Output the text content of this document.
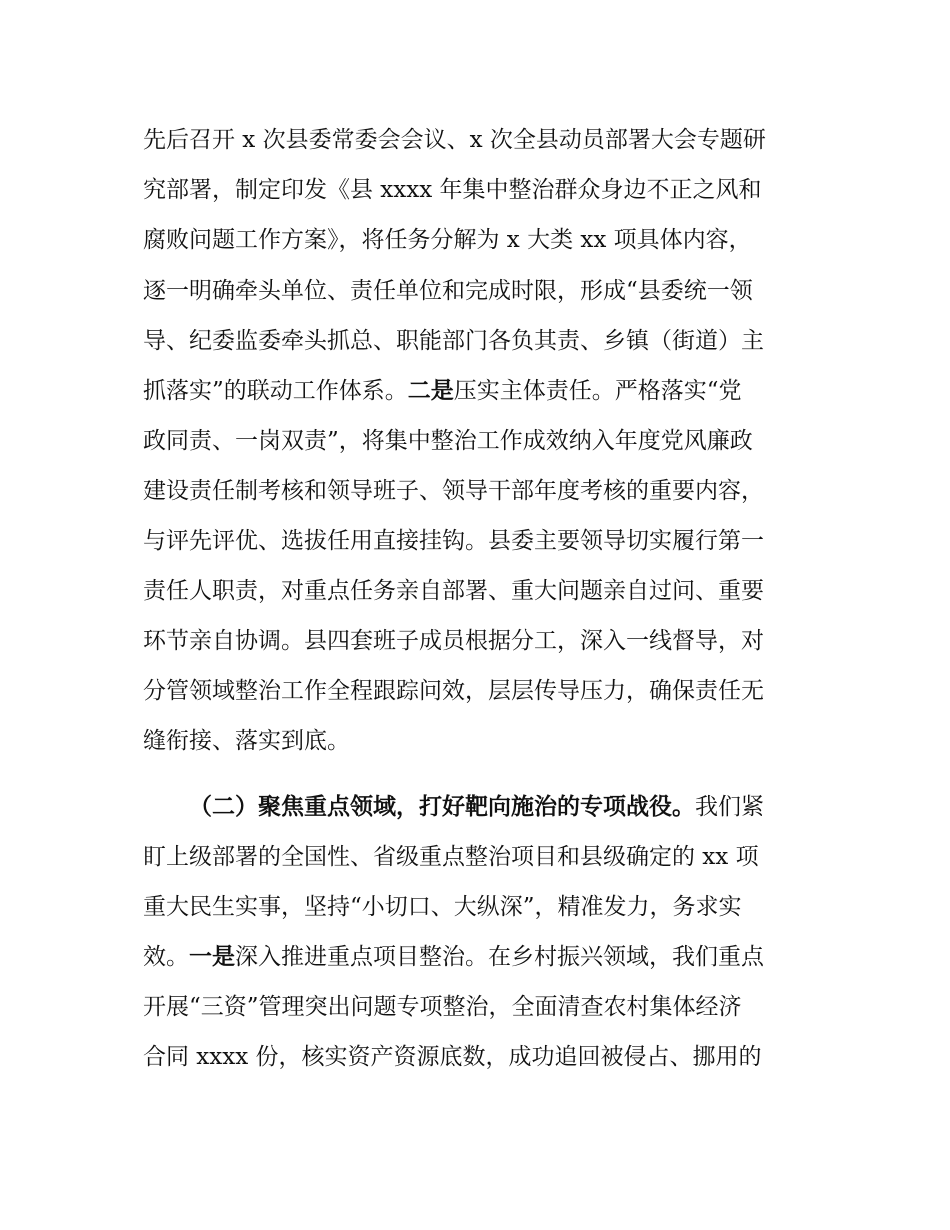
先后召开 x 次县委常委会会议、x 次全县动员部署大会专题研
究部署，制定印发《县 xxxx 年集中整治群众身边不正之风和
腐败问题工作方案》，将任务分解为 x 大类 xx 项具体内容，
逐一明确牵头单位、责任单位和完成时限，形成“县委统一领
导、纪委监委牵头抓总、职能部门各负其责、乡镇（街道）主
抓落实”的联动工作体系。二是压实主体责任。严格落实“党
政同责、一岗双责”，将集中整治工作成效纳入年度党风廉政
建设责任制考核和领导班子、领导干部年度考核的重要内容，
与评先评优、选拔任用直接挂钩。县委主要领导切实履行第一
责任人职责，对重点任务亲自部署、重大问题亲自过问、重要
环节亲自协调。县四套班子成员根据分工，深入一线督导，对
分管领域整治工作全程跟踪问效，层层传导压力，确保责任无
缝衔接、落实到底。
（二）聚焦重点领域，打好靶向施治的专项战役。我们紧
盯上级部署的全国性、省级重点整治项目和县级确定的 xx 项
重大民生实事，坚持“小切口、大纵深”，精准发力，务求实
效。一是深入推进重点项目整治。在乡村振兴领域，我们重点
开展“三资”管理突出问题专项整治，全面清查农村集体经济
合同 xxxx 份，核实资产资源底数，成功追回被侵占、挪用的
